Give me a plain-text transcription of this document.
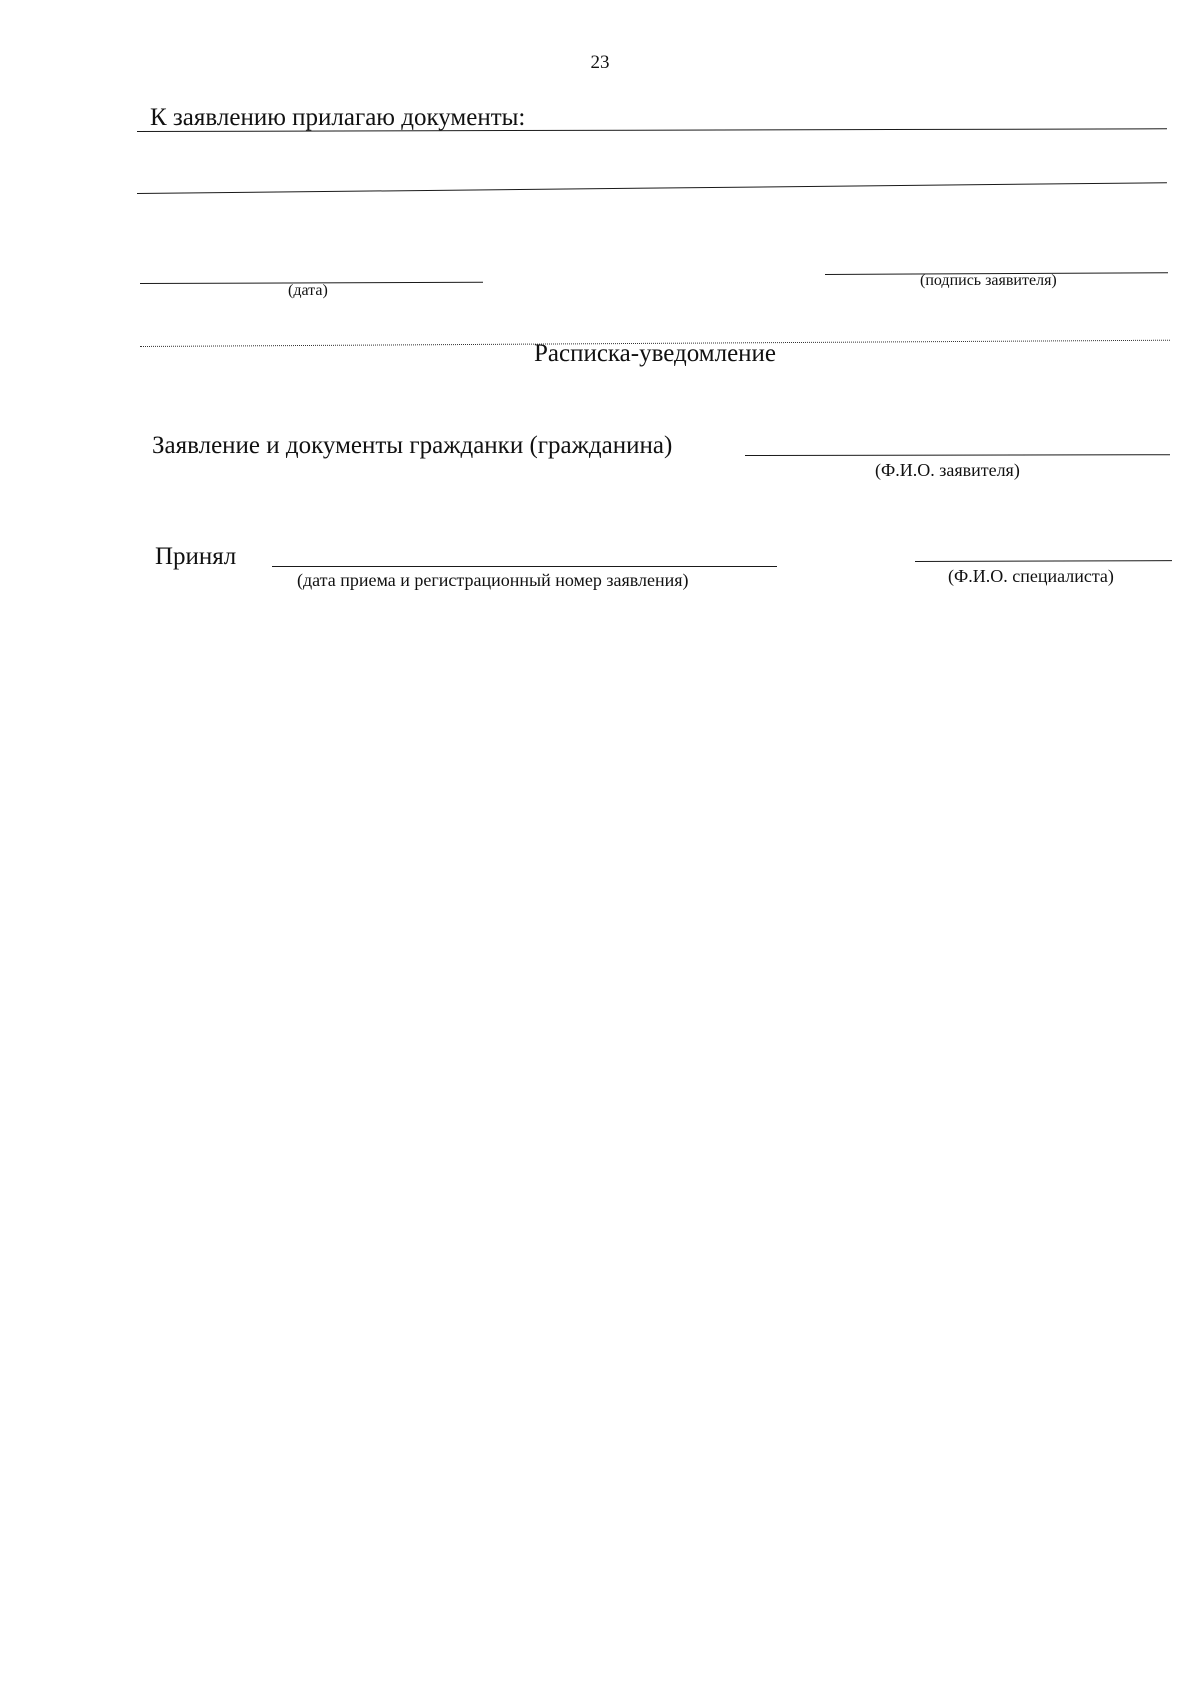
23
К заявлению прилагаю документы:
(дата)
(подпись заявителя)
Расписка-уведомление
Заявление и документы гражданки (гражданина)
(Ф.И.О. заявителя)
Принял
(дата приема и регистрационный номер заявления)	(Ф.И.О. специалиста)
